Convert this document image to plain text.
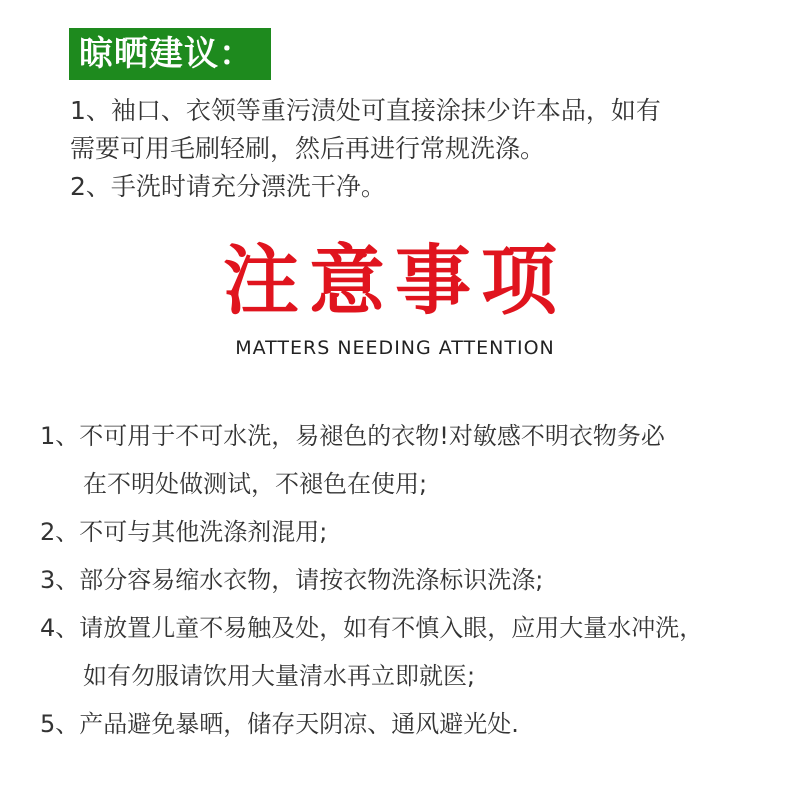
晾晒建议：
1、袖口、衣领等重污渍处可直接涂抹少许本品，如有
需要可用毛刷轻刷，然后再进行常规洗涤。
2、手洗时请充分漂洗干净。
注意事项
MATTERS NEEDING ATTENTION
1、不可用于不可水洗，易褪色的衣物!对敏感不明衣物务必
在不明处做测试，不褪色在使用;
2、不可与其他洗涤剂混用;
3、部分容易缩水衣物，请按衣物洗涤标识洗涤;
4、请放置儿童不易触及处，如有不慎入眼，应用大量水冲洗，
如有勿服请饮用大量清水再立即就医;
5、产品避免暴晒，储存天阴凉、通风避光处.
